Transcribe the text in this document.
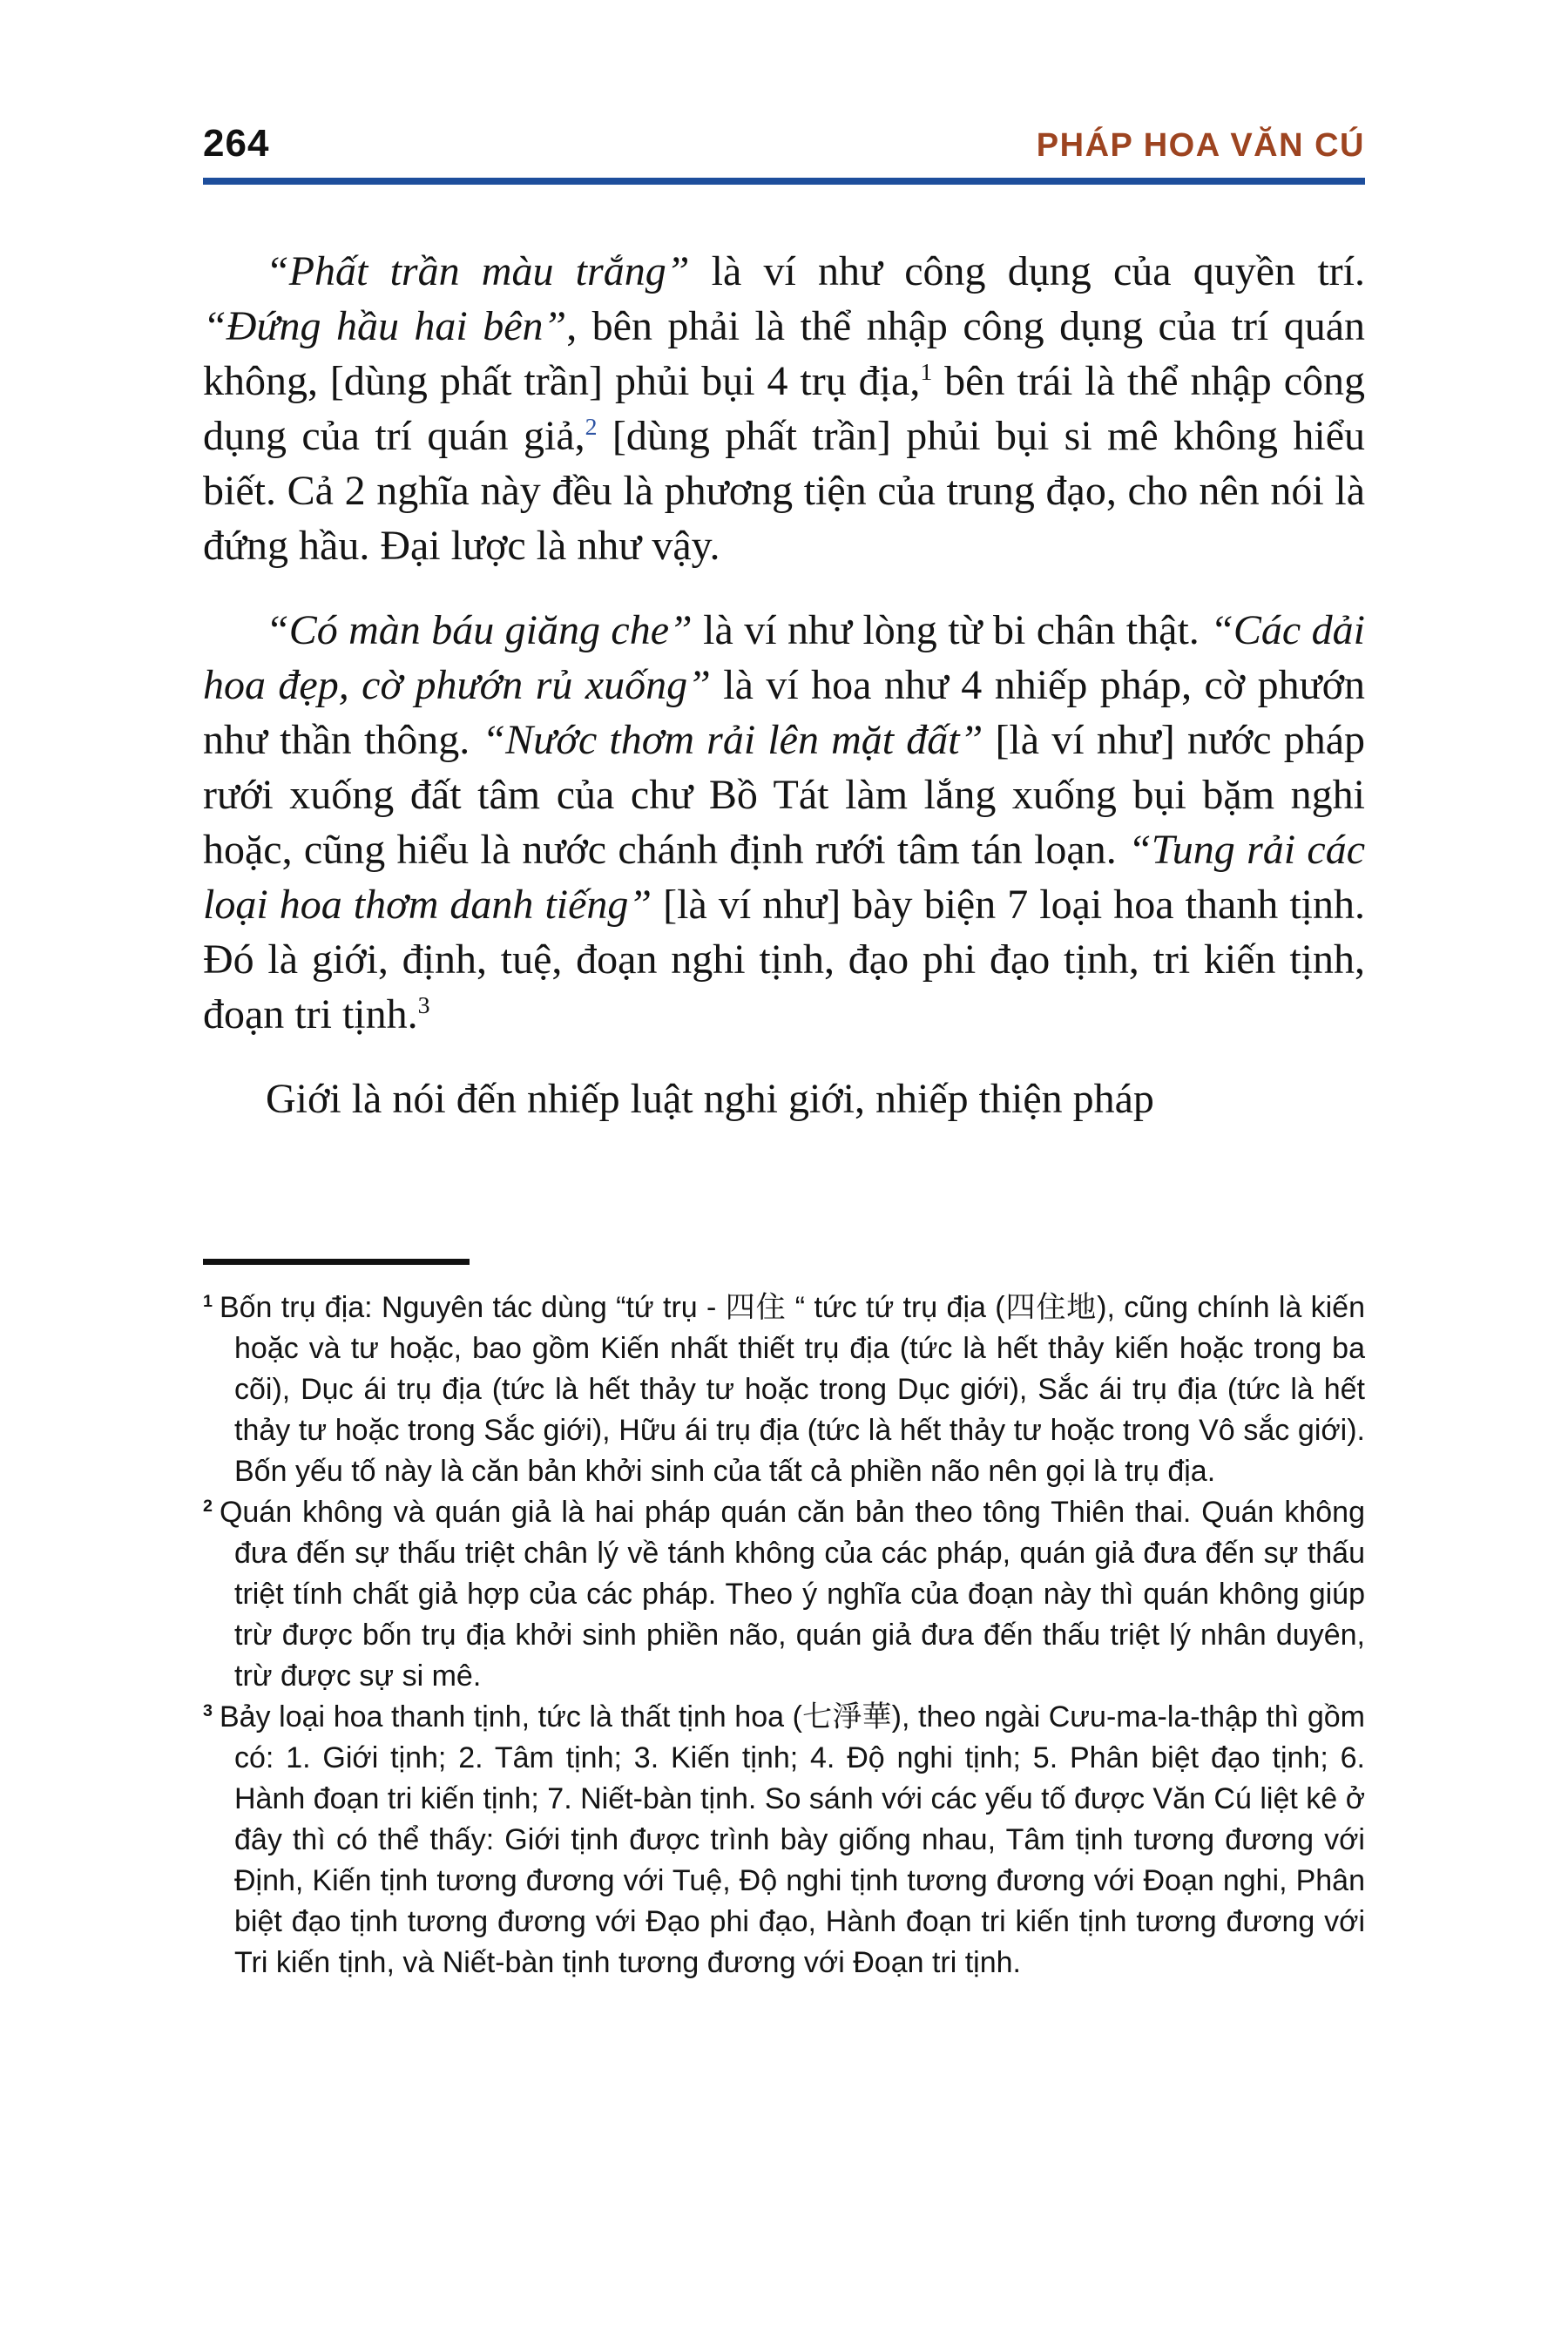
264	PHÁP HOA VĂN CÚ

“Phất trần màu trắng” là ví như công dụng của quyền trí. “Đứng hầu hai bên”, bên phải là thể nhập công dụng của trí quán không, [dùng phất trần] phủi bụi 4 trụ địa,$^1$ bên trái là thể nhập công dụng của trí quán giả,$^2$ [dùng phất trần] phủi bụi si mê không hiểu biết. Cả 2 nghĩa này đều là phương tiện của trung đạo, cho nên nói là đứng hầu. Đại lược là như vậy.

“Có màn báu giăng che” là ví như lòng từ bi chân thật. “Các dải hoa đẹp, cờ phướn rủ xuống” là ví hoa như 4 nhiếp pháp, cờ phướn như thần thông. “Nước thơm rải lên mặt đất” [là ví như] nước pháp rưới xuống đất tâm của chư Bồ Tát làm lắng xuống bụi bặm nghi hoặc, cũng hiểu là nước chánh định rưới tâm tán loạn. “Tung rải các loại hoa thơm danh tiếng” [là ví như] bày biện 7 loại hoa thanh tịnh. Đó là giới, định, tuệ, đoạn nghi tịnh, đạo phi đạo tịnh, tri kiến tịnh, đoạn tri tịnh.$^3$

Giới là nói đến nhiếp luật nghi giới, nhiếp thiện pháp

$^1$ Bốn trụ địa: Nguyên tác dùng “tứ trụ - 四住 “ tức tứ trụ địa (四住地), cũng chính là kiến hoặc và tư hoặc, bao gồm Kiến nhất thiết trụ địa (tức là hết thảy kiến hoặc trong ba cõi), Dục ái trụ địa (tức là hết thảy tư hoặc trong Dục giới), Sắc ái trụ địa (tức là hết thảy tư hoặc trong Sắc giới), Hữu ái trụ địa (tức là hết thảy tư hoặc trong Vô sắc giới). Bốn yếu tố này là căn bản khởi sinh của tất cả phiền não nên gọi là trụ địa.

$^2$ Quán không và quán giả là hai pháp quán căn bản theo tông Thiên thai. Quán không đưa đến sự thấu triệt chân lý về tánh không của các pháp, quán giả đưa đến sự thấu triệt tính chất giả hợp của các pháp. Theo ý nghĩa của đoạn này thì quán không giúp trừ được bốn trụ địa khởi sinh phiền não, quán giả đưa đến thấu triệt lý nhân duyên, trừ được sự si mê.

$^3$ Bảy loại hoa thanh tịnh, tức là thất tịnh hoa (七淨華), theo ngài Cưu-ma-la-thập thì gồm có: 1. Giới tịnh; 2. Tâm tịnh; 3. Kiến tịnh; 4. Độ nghi tịnh; 5. Phân biệt đạo tịnh; 6. Hành đoạn tri kiến tịnh; 7. Niết-bàn tịnh. So sánh với các yếu tố được Văn Cú liệt kê ở đây thì có thể thấy: Giới tịnh được trình bày giống nhau, Tâm tịnh tương đương với Định, Kiến tịnh tương đương với Tuệ, Độ nghi tịnh tương đương với Đoạn nghi, Phân biệt đạo tịnh tương đương với Đạo phi đạo, Hành đoạn tri kiến tịnh tương đương với Tri kiến tịnh, và Niết-bàn tịnh tương đương với Đoạn tri tịnh.
